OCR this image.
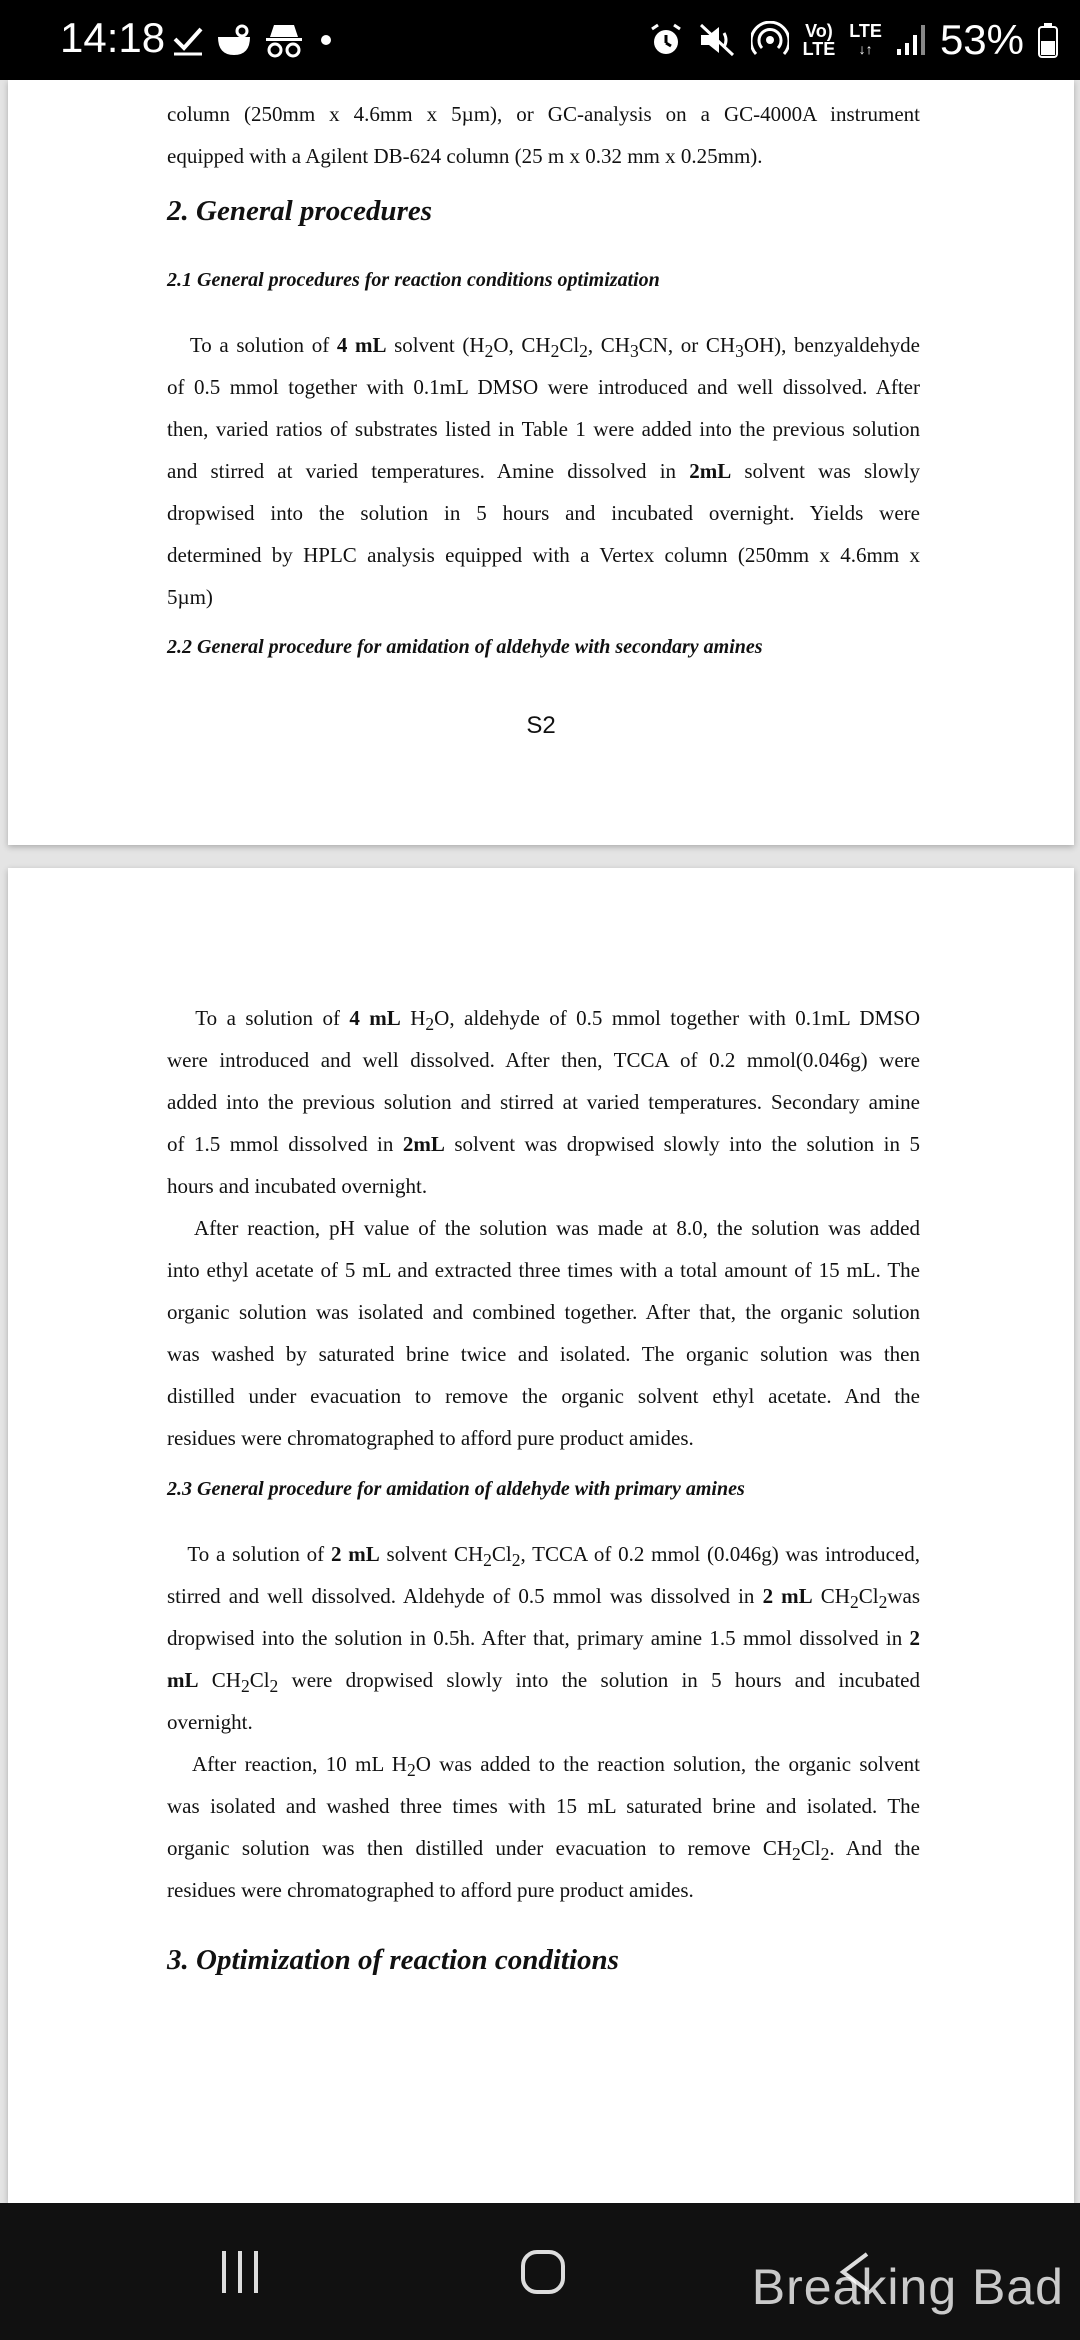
14:18	Vo)
LTE
LTE
↓↑ 53%
column (250mm x 4.6mm x 5µm), or GC-analysis on a GC-4000A instrument
equipped with a Agilent DB-624 column (25 m x 0.32 mm x 0.25mm).
2. General procedures
2.1 General procedures for reaction conditions optimization
To a solution of 4 mL solvent ($H_2O$, $CH_2Cl_2$, $CH_3CN$, or $CH_3OH$), benzyaldehyde
of 0.5 mmol together with 0.1mL DMSO were introduced and well dissolved. After
then, varied ratios of substrates listed in Table 1 were added into the previous solution
and stirred at varied temperatures. Amine dissolved in 2mL solvent was slowly
dropwised into the solution in 5 hours and incubated overnight. Yields were
determined by HPLC analysis equipped with a Vertex column (250mm x 4.6mm x
5µm)
2.2 General procedure for amidation of aldehyde with secondary amines
S2
To a solution of 4 mL $H_2O$, aldehyde of 0.5 mmol together with 0.1mL DMSO
were introduced and well dissolved. After then, TCCA of 0.2 mmol(0.046g) were
added into the previous solution and stirred at varied temperatures. Secondary amine
of 1.5 mmol dissolved in 2mL solvent was dropwised slowly into the solution in 5
hours and incubated overnight.
After reaction, pH value of the solution was made at 8.0, the solution was added
into ethyl acetate of 5 mL and extracted three times with a total amount of 15 mL. The
organic solution was isolated and combined together. After that, the organic solution
was washed by saturated brine twice and isolated. The organic solution was then
distilled under evacuation to remove the organic solvent ethyl acetate. And the
residues were chromatographed to afford pure product amides.
2.3 General procedure for amidation of aldehyde with primary amines
To a solution of 2 mL solvent $CH_2Cl_2$, TCCA of 0.2 mmol (0.046g) was introduced,
stirred and well dissolved. Aldehyde of 0.5 mmol was dissolved in 2 mL $CH_2Cl_2was$
dropwised into the solution in 0.5h. After that, primary amine 1.5 mmol dissolved in 2
mL $CH_2Cl_2$ were dropwised slowly into the solution in 5 hours and incubated
overnight.
After reaction, 10 mL $H_2O$ was added to the reaction solution, the organic solvent
was isolated and washed three times with 15 mL saturated brine and isolated. The
organic solution was then distilled under evacuation to remove $CH_2Cl_2$. And the
residues were chromatographed to afford pure product amides.
3. Optimization of reaction conditions
Breaking Bad
